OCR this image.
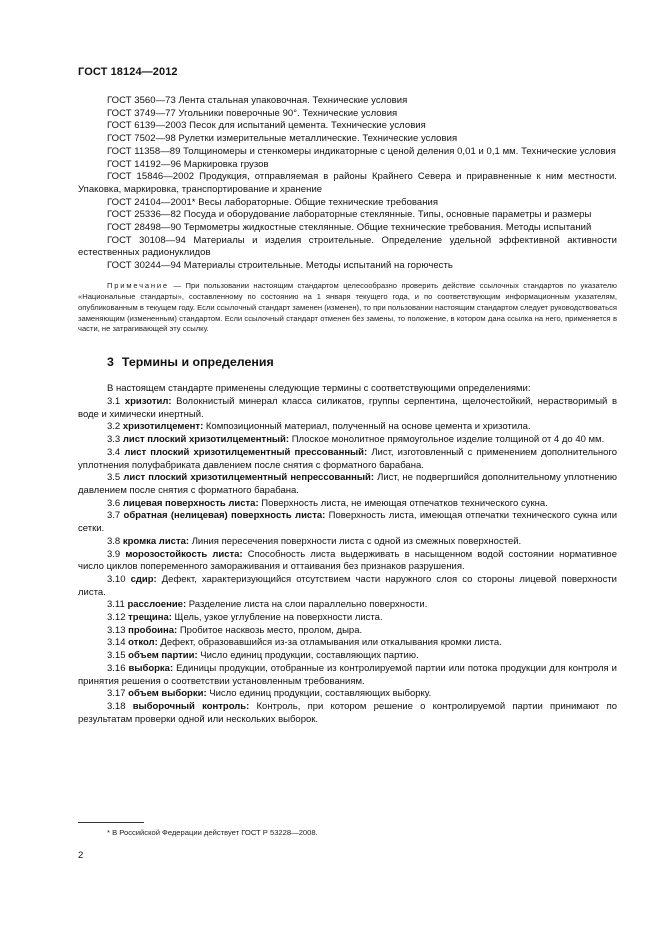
ГОСТ 18124—2012

ГОСТ 3560—73 Лента стальная упаковочная. Технические условия

ГОСТ 3749—77 Угольники поверочные 90°. Технические условия

ГОСТ 6139—2003 Песок для испытаний цемента. Технические условия

ГОСТ 7502—98 Рулетки измерительные металлические. Технические условия

ГОСТ 11358—89 Толщиномеры и стенкомеры индикаторные с ценой деления 0,01 и 0,1 мм. Технические условия

ГОСТ 14192—96 Маркировка грузов

ГОСТ 15846—2002 Продукция, отправляемая в районы Крайнего Севера и приравненные к ним местности. Упаковка, маркировка, транспортирование и хранение

ГОСТ 24104—2001* Весы лабораторные. Общие технические требования

ГОСТ 25336—82 Посуда и оборудование лабораторные стеклянные. Типы, основные параметры и размеры

ГОСТ 28498—90 Термометры жидкостные стеклянные. Общие технические требования. Методы испытаний

ГОСТ 30108—94 Материалы и изделия строительные. Определение удельной эффективной активности естественных радионуклидов

ГОСТ 30244—94 Материалы строительные. Методы испытаний на горючесть

Примечание — При пользовании настоящим стандартом целесообразно проверить действие ссылочных стандартов по указателю «Национальные стандарты», составленному по состоянию на 1 января текущего года, и по соответствующим информационным указателям, опубликованным в текущем году. Если ссылочный стандарт заменен (изменен), то при пользовании настоящим стандартом следует руководствоваться заменяющим (измененным) стандартом. Если ссылочный стандарт отменен без замены, то положение, в котором дана ссылка на него, применяется в части, не затрагивающей эту ссылку.

3 Термины и определения

В настоящем стандарте применены следующие термины с соответствующими определениями:

3.1 хризотил: Волокнистый минерал класса силикатов, группы серпентина, щелочестойкий, нерастворимый в воде и химически инертный.

3.2 хризотилцемент: Композиционный материал, полученный на основе цемента и хризотила.

3.3 лист плоский хризотилцементный: Плоское монолитное прямоугольное изделие толщиной от 4 до 40 мм.

3.4 лист плоский хризотилцементный прессованный: Лист, изготовленный с применением дополнительного уплотнения полуфабриката давлением после снятия с форматного барабана.

3.5 лист плоский хризотилцементный непрессованный: Лист, не подвергшийся дополнительному уплотнению давлением после снятия с форматного барабана.

3.6 лицевая поверхность листа: Поверхность листа, не имеющая отпечатков технического сукна.

3.7 обратная (нелицевая) поверхность листа: Поверхность листа, имеющая отпечатки технического сукна или сетки.

3.8 кромка листа: Линия пересечения поверхности листа с одной из смежных поверхностей.

3.9 морозостойкость листа: Способность листа выдерживать в насыщенном водой состоянии нормативное число циклов попеременного замораживания и оттаивания без признаков разрушения.

3.10 сдир: Дефект, характеризующийся отсутствием части наружного слоя со стороны лицевой поверхности листа.

3.11 расслоение: Разделение листа на слои параллельно поверхности.

3.12 трещина: Щель, узкое углубление на поверхности листа.

3.13 пробоина: Пробитое насквозь место, пролом, дыра.

3.14 откол: Дефект, образовавшийся из-за отламывания или откалывания кромки листа.

3.15 объем партии: Число единиц продукции, составляющих партию.

3.16 выборка: Единицы продукции, отобранные из контролируемой партии или потока продукции для контроля и принятия решения о соответствии установленным требованиям.

3.17 объем выборки: Число единиц продукции, составляющих выборку.

3.18 выборочный контроль: Контроль, при котором решение о контролируемой партии принимают по результатам проверки одной или нескольких выборок.

* В Российской Федерации действует ГОСТ Р 53228—2008.
2
